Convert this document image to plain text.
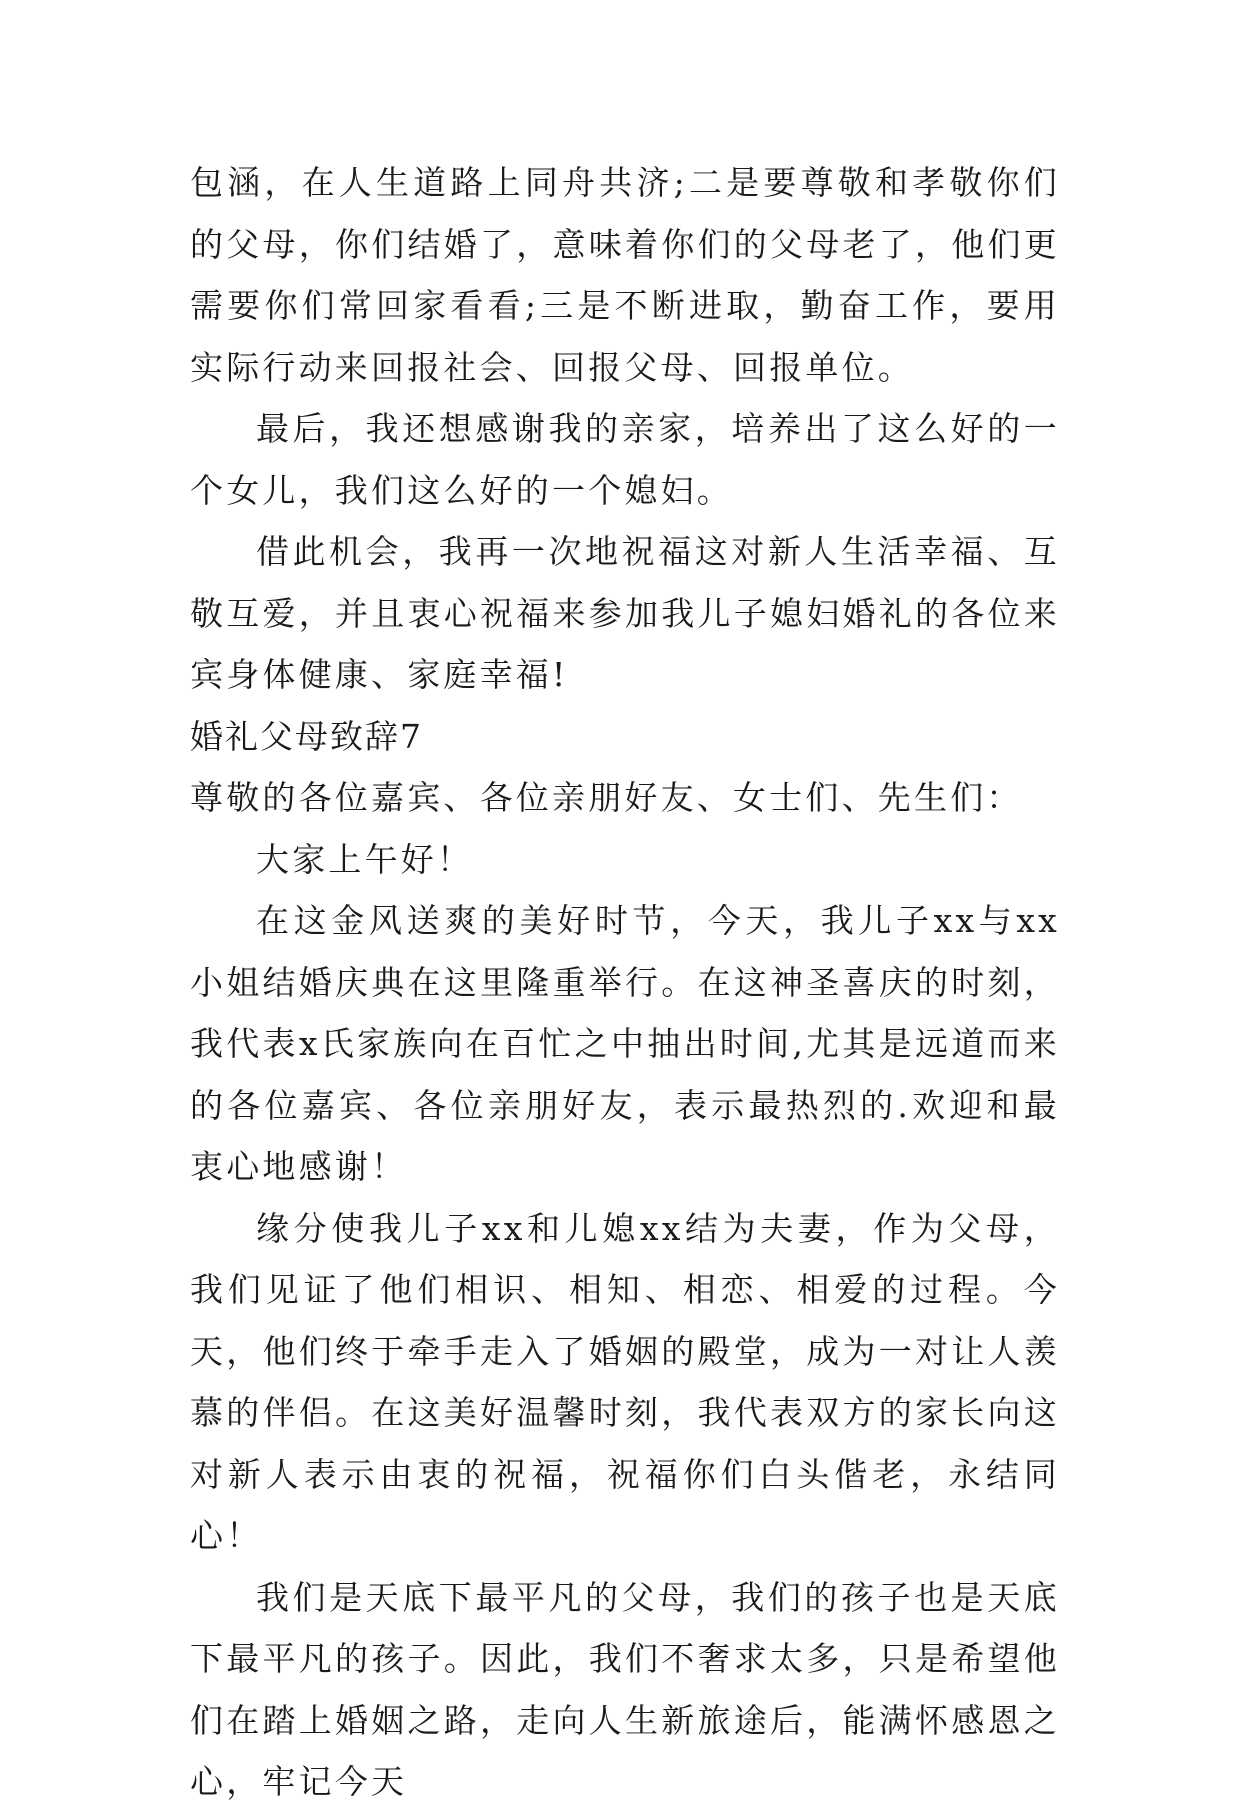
包涵，在人生道路上同舟共济;二是要尊敬和孝敬你们的父母，你们结婚了，意味着你们的父母老了，他们更需要你们常回家看看;三是不断进取，勤奋工作，要用实际行动来回报社会、回报父母、回报单位。

最后，我还想感谢我的亲家，培养出了这么好的一个女儿，我们这么好的一个媳妇。

借此机会，我再一次地祝福这对新人生活幸福、互敬互爱，并且衷心祝福来参加我儿子媳妇婚礼的各位来宾身体健康、家庭幸福!

婚礼父母致辞7

尊敬的各位嘉宾、各位亲朋好友、女士们、先生们：

大家上午好！

在这金风送爽的美好时节，今天，我儿子xx与xx小姐结婚庆典在这里隆重举行。在这神圣喜庆的时刻，我代表x氏家族向在百忙之中抽出时间,尤其是远道而来的各位嘉宾、各位亲朋好友，表示最热烈的.欢迎和最衷心地感谢！

缘分使我儿子xx和儿媳xx结为夫妻，作为父母，我们见证了他们相识、相知、相恋、相爱的过程。今天，他们终于牵手走入了婚姻的殿堂，成为一对让人羡慕的伴侣。在这美好温馨时刻，我代表双方的家长向这对新人表示由衷的祝福，祝福你们白头偕老，永结同心！

我们是天底下最平凡的父母，我们的孩子也是天底下最平凡的孩子。因此，我们不奢求太多，只是希望他们在踏上婚姻之路，走向人生新旅途后，能满怀感恩之心，牢记今天
